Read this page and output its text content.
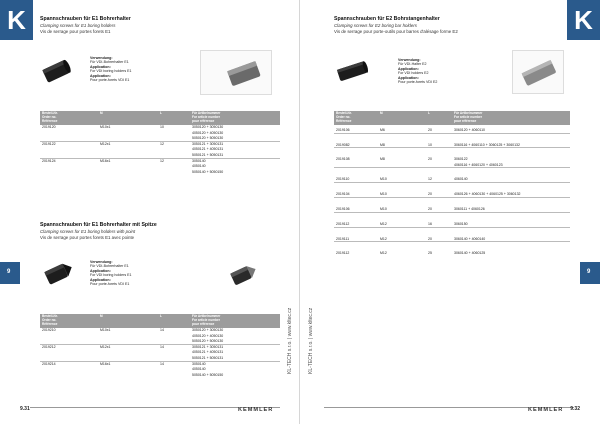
K	Spannschrauben für E1 Bohrerhalter
Clamping screws for E1 boring holders
Vis de serrage pour portes forets E1
Verwendung:
Für VDI-Bohrerhalter E1
Application:
For VDI boring holders E1
Application:
Pour porte-forets VDI E1
Bestell-Nr.
Order no.
Référence	M	L	Für Artikelnummer
For article number
pour référence
2019120	M10x1	10	3050120 + 3050130
			4050120 + 4050130
			5050120 + 5050130
2019122	M12x1	12	3050121 + 3050131
			4050121 + 4050131
			5050121 + 5050131
2019124	M16x1	12	3050140
			4050140
			5050140 + 5050150
Spannschrauben für E1 Bohrerhalter mit Spitze
Clamping screws for E1 boring holders with point
Vis de serrage pour portes forets E1 avec pointe
Verwendung:
Für VDI-Bohrerhalter E1
Application:
For VDI boring holders E1
Application:
Pour porte-forets VDI E1
Bestell-Nr.
Order no.
Référence	M	L	Für Artikelnummer
For article number
pour référence
2019210	M10x1	14	3050120 + 3050130
			4050120 + 4050130
			5050120 + 5050130
2019212	M12x1	14	3050121 + 3050131
			4050121 + 4050131
			5050121 + 5050131
2019214	M16x1	14	3050140
			4050140
			5050140 + 5050150
9
KL-TECH s.r.o. | www.kltec.cz
9.31	KEMMLER
K
Spannschrauben für E2 Bohrstangenhalter
Clamping screws for E2 boring bar holders
Vis de serrage pour porte-outils pour barres d'alésage forme E2
Verwendung:
Für VDI-Halter E2
Application:
For VDI holders E2
Application:
Pour porte-forets VDI E2
Bestell-Nr.
Order no.
Référence	M	L	Für Artikelnummer
For article number
pour référence
2019106	M6	20	3060120 + 4060110
2019082	M8	10	3060116 + 4060110 + 3060125 + 3060132
2019108	M8	20	3060122
			4060116 + 4060120 + 4060123
2019110	M10	12	4060140
2019104	M10	20	4060126 + 4060130 + 4060125 + 3060132
2019106	M10	20	3060111 + 4060126
2019112	M12	16	3060150
2019111	M12	20	3060140 + 4060140
2019112	M12	25	3060140 + 4060125
9
KL-TECH s.r.o. | www.kltec.cz
9.32
KEMMLER
